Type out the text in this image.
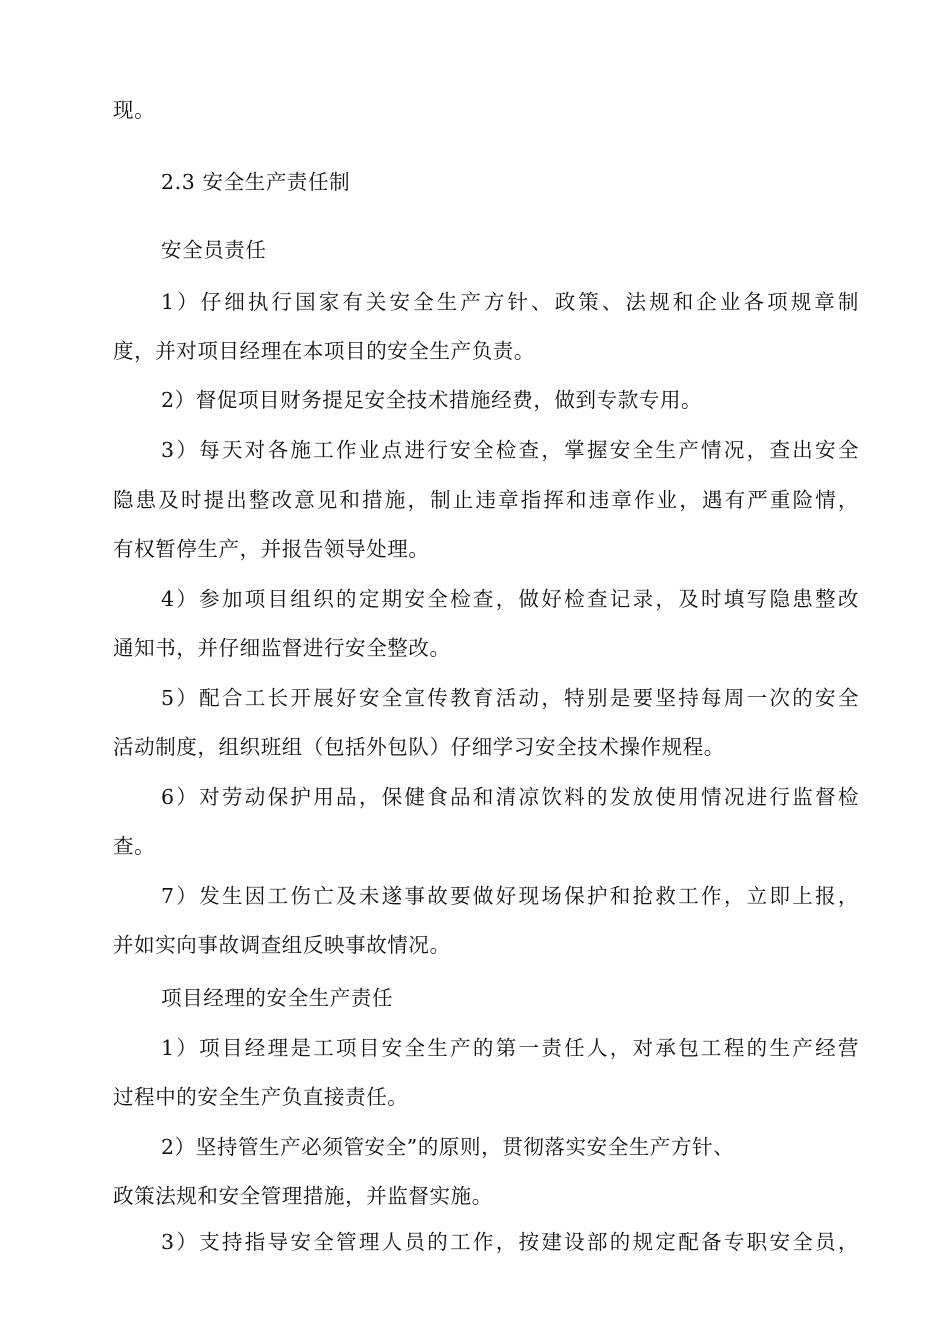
现。
2.3 安全生产责任制
安全员责任
1）仔细执行国家有关安全生产方针、政策、法规和企业各项规章制
度，并对项目经理在本项目的安全生产负责。
2）督促项目财务提足安全技术措施经费，做到专款专用。
3）每天对各施工作业点进行安全检查，掌握安全生产情况，查出安全
隐患及时提出整改意见和措施，制止违章指挥和违章作业，遇有严重险情，
有权暂停生产，并报告领导处理。
4）参加项目组织的定期安全检查，做好检查记录，及时填写隐患整改
通知书，并仔细监督进行安全整改。
5）配合工长开展好安全宣传教育活动，特别是要坚持每周一次的安全
活动制度，组织班组（包括外包队）仔细学习安全技术操作规程。
6）对劳动保护用品，保健食品和清凉饮料的发放使用情况进行监督检
查。
7）发生因工伤亡及未遂事故要做好现场保护和抢救工作，立即上报，
并如实向事故调查组反映事故情况。
项目经理的安全生产责任
1）项目经理是工项目安全生产的第一责任人，对承包工程的生产经营
过程中的安全生产负直接责任。
2）坚持管生产必须管安全”的原则，贯彻落实安全生产方针、
政策法规和安全管理措施，并监督实施。
3）支持指导安全管理人员的工作，按建设部的规定配备专职安全员，
